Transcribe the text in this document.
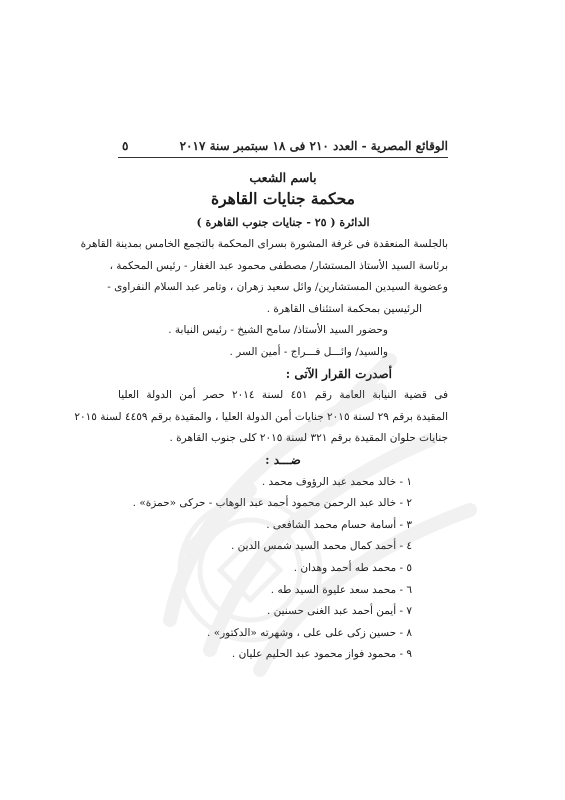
الوقائع المصرية - العدد ٢١٠ فى ١٨ سبتمبر سنة ٢٠١٧
٥
باسم الشعب
محكمة جنايات القاهرة
الدائرة ( ٢٥ - جنايات جنوب القاهرة )
بالجلسة المنعقدة فى غرفة المشورة بسراى المحكمة بالتجمع الخامس بمدينة القاهرة
برئاسة السيد الأستاذ المستشار/ مصطفى محمود عبد الغفار - رئيس المحكمة ،
وعضوية السيدين المستشارين/ وائل سعيد زهران ، وتامر عبد السلام النفراوى -
الرئيسين بمحكمة استئناف القاهرة .
وحضور السيد الأستاذ/ سامح الشيخ - رئيس النيابة .
والسيد/ وائـــل فـــراج - أمين السر .
أصدرت القرار الآتى :
فى قضية النيابة العامة رقم ٤٥١ لسنة ٢٠١٤ حصر أمن الدولة العليا
المقيدة برقم ٢٩ لسنة ٢٠١٥ جنايات أمن الدولة العليا ، والمقيدة برقم ٤٤٥٩ لسنة ٢٠١٥
جنايات حلوان المقيدة برقم ٣٢١ لسنة ٢٠١٥ كلى جنوب القاهرة .
ضـــد :
١ - خالد محمد عبد الرؤوف محمد .
٢ - خالد عبد الرحمن محمود أحمد عبد الوهاب - حركى «حمزة» .
٣ - أسامة حسام محمد الشافعى .
٤ - أحمد كمال محمد السيد شمس الدين .
٥ - محمد طه أحمد وهدان .
٦ - محمد سعد عليوة السيد طه .
٧ - أيمن أحمد عبد الغنى حسنين .
٨ - حسين زكى على على ، وشهرته «الدكتور» .
٩ - محمود فواز محمود عبد الحليم عليان .
